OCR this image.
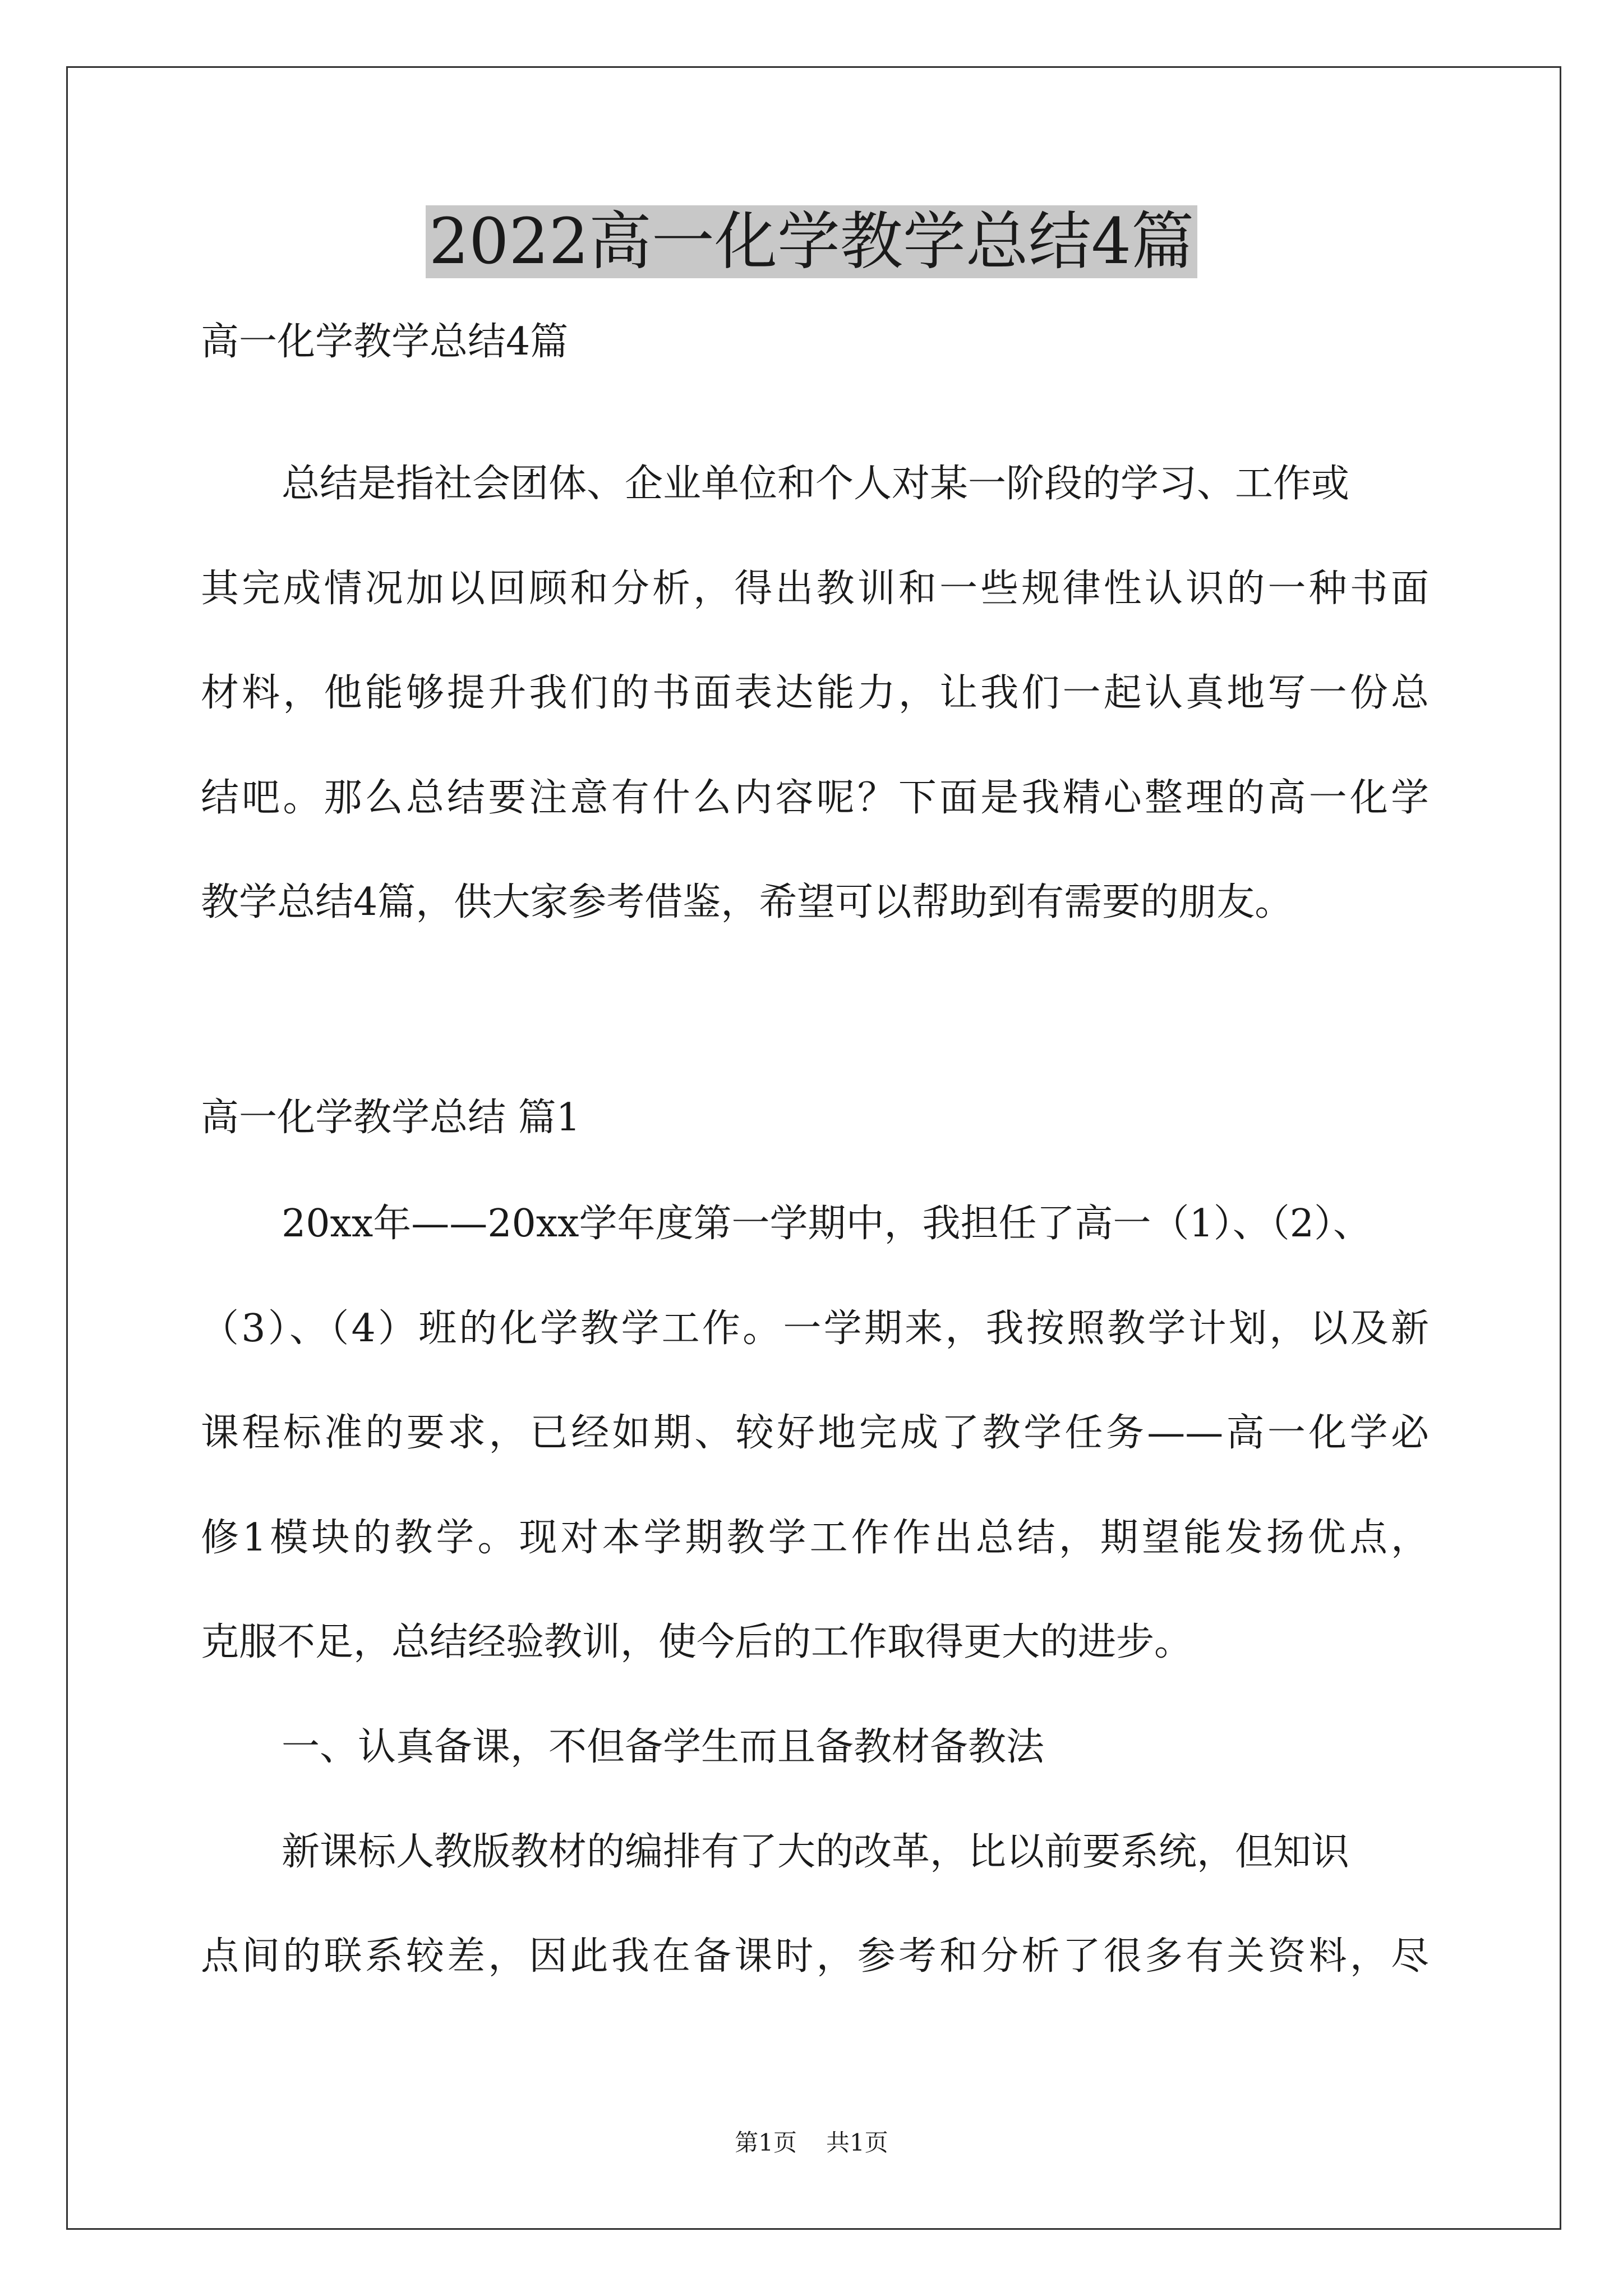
2022高一化学教学总结4篇

高一化学教学总结4篇

总结是指社会团体、企业单位和个人对某一阶段的学习、工作或

其完成情况加以回顾和分析，得出教训和一些规律性认识的一种书面

材料，他能够提升我们的书面表达能力，让我们一起认真地写一份总

结吧。那么总结要注意有什么内容呢？下面是我精心整理的高一化学

教学总结4篇，供大家参考借鉴，希望可以帮助到有需要的朋友。

高一化学教学总结 篇1

20xx年——20xx学年度第一学期中，我担任了高一（1）、（2）、

（3）、（4）班的化学教学工作。一学期来，我按照教学计划，以及新

课程标准的要求，已经如期、较好地完成了教学任务——高一化学必

修1模块的教学。现对本学期教学工作作出总结，期望能发扬优点，

克服不足，总结经验教训，使今后的工作取得更大的进步。

一、认真备课，不但备学生而且备教材备教法

新课标人教版教材的编排有了大的改革，比以前要系统，但知识

点间的联系较差，因此我在备课时，参考和分析了很多有关资料，尽

第1页 共1页
